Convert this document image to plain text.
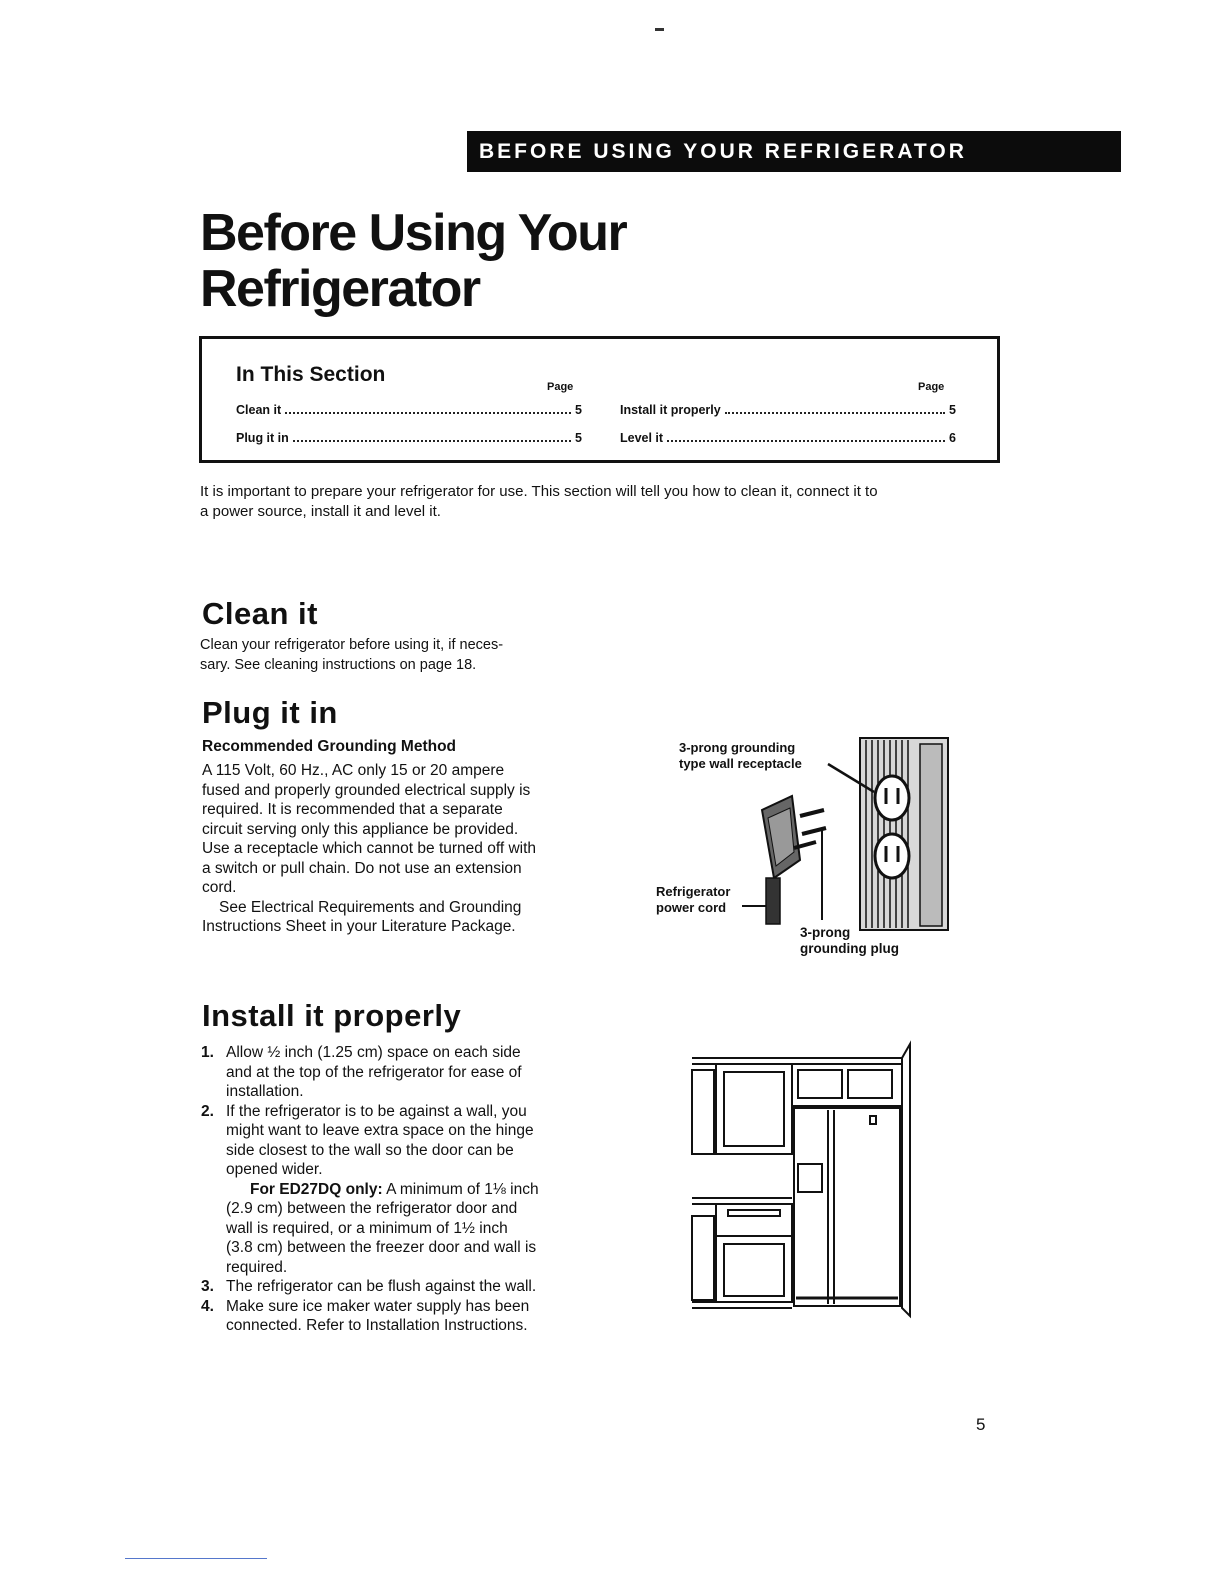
BEFORE USING YOUR REFRIGERATOR
Before Using Your
Refrigerator
In This Section
Page	Page
Clean it	5
Plug it in	5
Install it properly	5
Level it	6
It is important to prepare your refrigerator for use. This section will tell you how to clean it, connect it to
a power source, install it and level it.
Clean it
Clean your refrigerator before using it, if neces-
sary. See cleaning instructions on page 18.
Plug it in
Recommended Grounding Method
A 115 Volt, 60 Hz., AC only 15 or 20 ampere
fused and properly grounded electrical supply is
required. It is recommended that a separate
circuit serving only this appliance be provided.
Use a receptacle which cannot be turned off with
a switch or pull chain. Do not use an extension
cord.
See Electrical Requirements and Grounding
Instructions Sheet in your Literature Package.
3-prong grounding
type wall receptacle
Refrigerator
power cord
3-prong
grounding plug
Install it properly
1. Allow ½ inch (1.25 cm) space on each side
and at the top of the refrigerator for ease of
installation.
2. If the refrigerator is to be against a wall, you
might want to leave extra space on the hinge
side closest to the wall so the door can be
opened wider.
For ED27DQ only: A minimum of 1⅛ inch
(2.9 cm) between the refrigerator door and
wall is required, or a minimum of 1½ inch
(3.8 cm) between the freezer door and wall is
required.
3. The refrigerator can be flush against the wall.
4. Make sure ice maker water supply has been
connected. Refer to Installation Instructions.
5
